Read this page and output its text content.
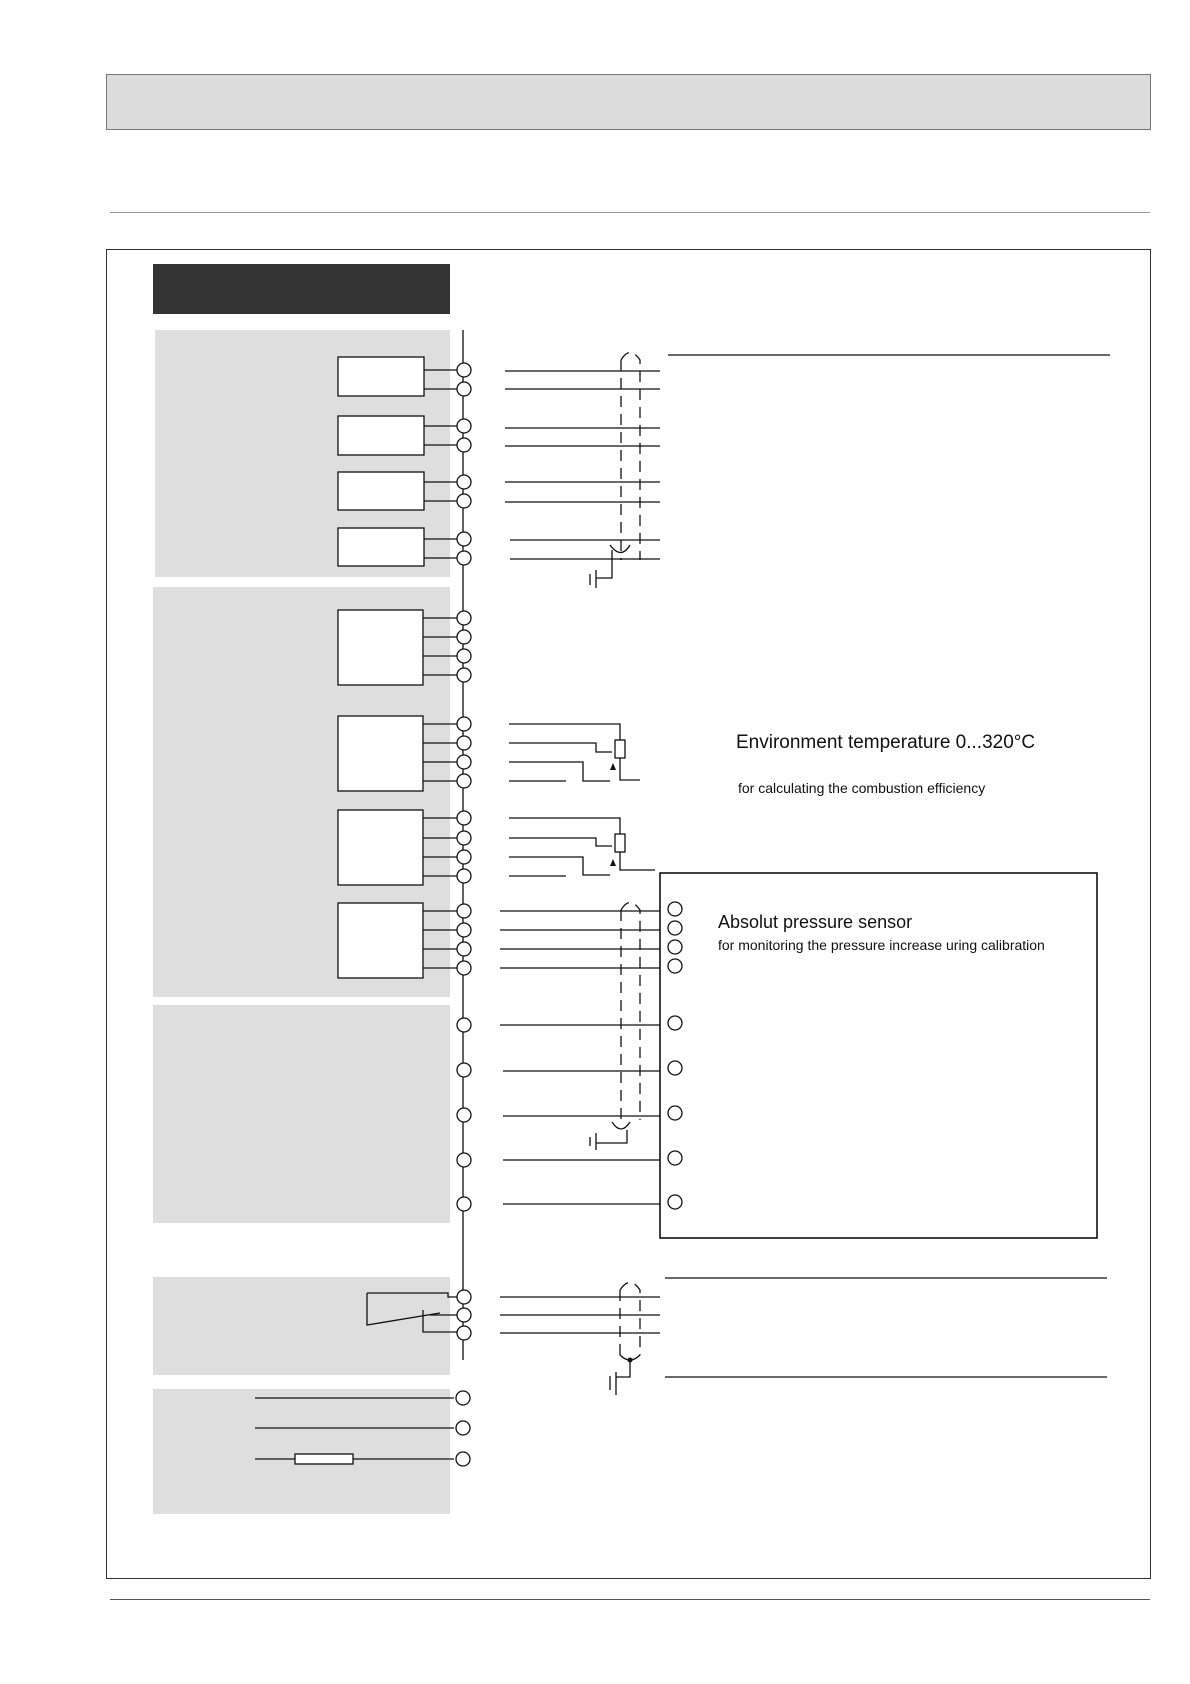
Environment temperature 0...320°C
for calculating the combustion efficiency
Absolut pressure sensor
for monitoring the pressure increase uring calibration
